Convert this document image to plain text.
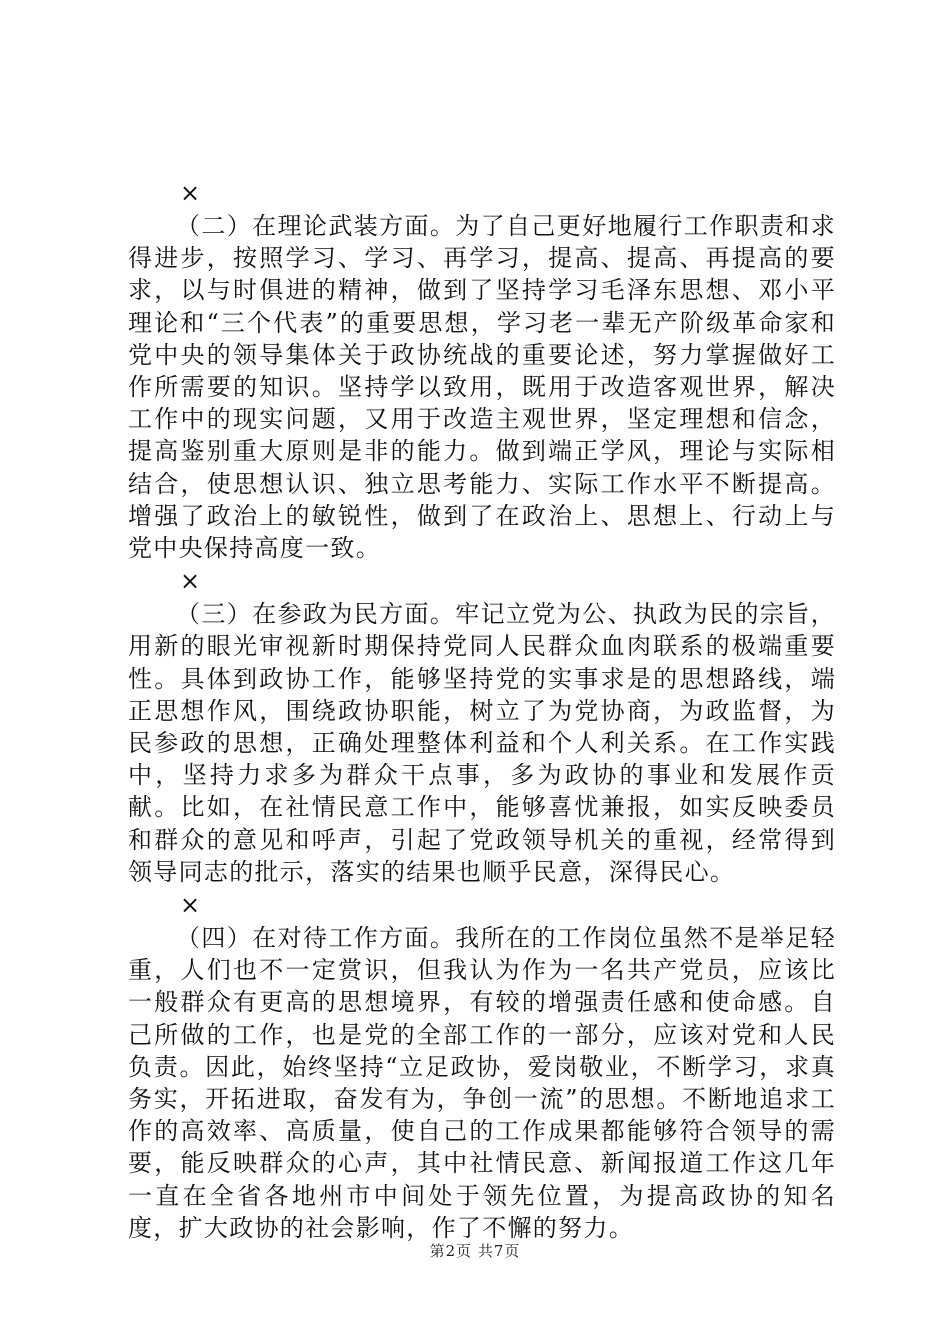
×

（二）在理论武装方面。为了自己更好地履行工作职责和求得进步，按照学习、学习、再学习，提高、提高、再提高的要求，以与时俱进的精神，做到了坚持学习毛泽东思想、邓小平理论和“三个代表”的重要思想，学习老一辈无产阶级革命家和党中央的领导集体关于政协统战的重要论述，努力掌握做好工作所需要的知识。坚持学以致用，既用于改造客观世界，解决工作中的现实问题，又用于改造主观世界，坚定理想和信念，提高鉴别重大原则是非的能力。做到端正学风，理论与实际相结合，使思想认识、独立思考能力、实际工作水平不断提高。增强了政治上的敏锐性，做到了在政治上、思想上、行动上与党中央保持高度一致。

×

（三）在参政为民方面。牢记立党为公、执政为民的宗旨，用新的眼光审视新时期保持党同人民群众血肉联系的极端重要性。具体到政协工作，能够坚持党的实事求是的思想路线，端正思想作风，围绕政协职能，树立了为党协商，为政监督，为民参政的思想，正确处理整体利益和个人利关系。在工作实践中，坚持力求多为群众干点事，多为政协的事业和发展作贡献。比如，在社情民意工作中，能够喜忧兼报，如实反映委员和群众的意见和呼声，引起了党政领导机关的重视，经常得到领导同志的批示，落实的结果也顺乎民意，深得民心。

×

（四）在对待工作方面。我所在的工作岗位虽然不是举足轻重，人们也不一定赏识，但我认为作为一名共产党员，应该比一般群众有更高的思想境界，有较的增强责任感和使命感。自己所做的工作，也是党的全部工作的一部分，应该对党和人民负责。因此，始终坚持“立足政协，爱岗敬业，不断学习，求真务实，开拓进取，奋发有为，争创一流”的思想。不断地追求工作的高效率、高质量，使自己的工作成果都能够符合领导的需要，能反映群众的心声，其中社情民意、新闻报道工作这几年一直在全省各地州市中间处于领先位置，为提高政协的知名度，扩大政协的社会影响，作了不懈的努力。

第2页 共7页
